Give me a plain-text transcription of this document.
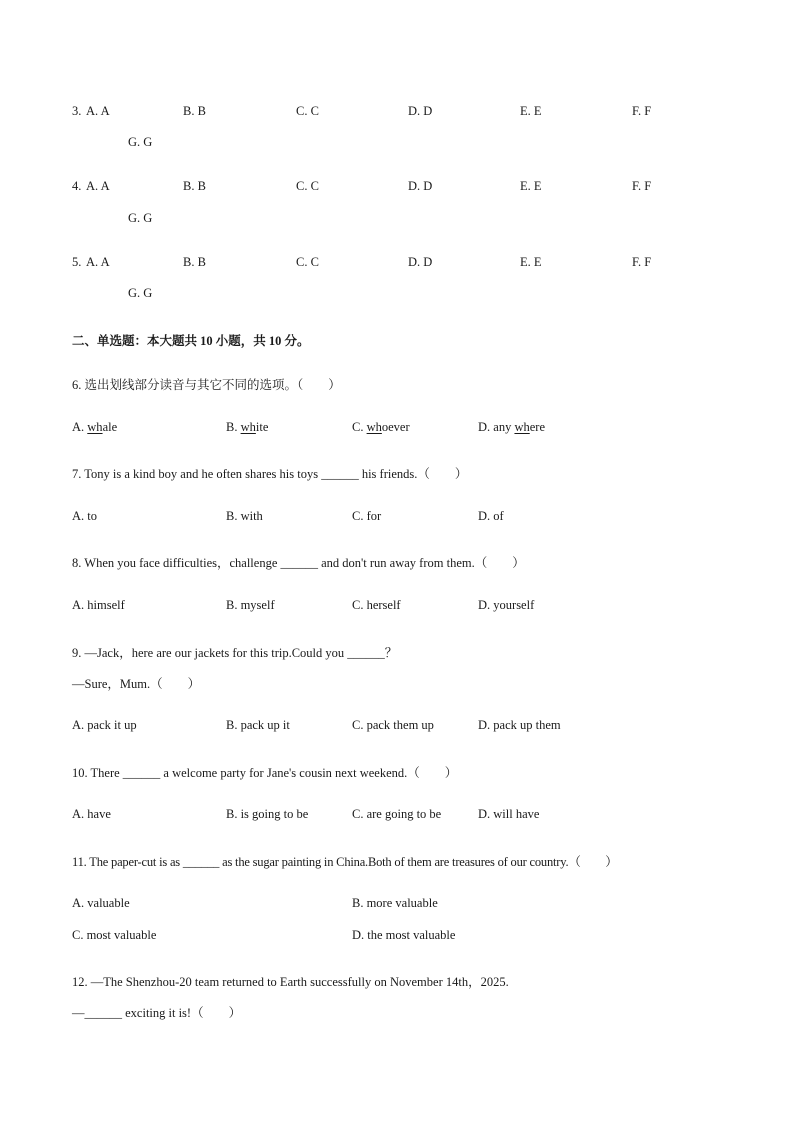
3. A. A	B. B	C. C	D. D	E. E	F. F
G. G
4. A. A	B. B	C. C	D. D	E. E	F. F
G. G
5. A. A	B. B	C. C	D. D	E. E	F. F
G. G
二、单选题：本大题共 10 小题，共 10 分。
6. 选出划线部分读音与其它不同的选项。（　　）
A. whale	B. white	C. whoever	D. any where
7. Tony is a kind boy and he often shares his toys ______ his friends.（　　）
A. to	B. with	C. for	D. of
8. When you face difficulties，challenge ______ and don't run away from them.（　　）
A. himself	B. myself	C. herself	D. yourself
9. —Jack，here are our jackets for this trip.Could you ______？
—Sure，Mum.（　　）
A. pack it up	B. pack up it	C. pack them up	D. pack up them
10. There ______ a welcome party for Jane's cousin next weekend.（　　）
A. have	B. is going to be	C. are going to be	D. will have
11. The paper-cut is as ______ as the sugar painting in China.Both of them are treasures of our country.（　　）
A. valuable	B. more valuable
C. most valuable	D. the most valuable
12. —The Shenzhou-20 team returned to Earth successfully on November 14th，2025.
—______ exciting it is!（　　）
